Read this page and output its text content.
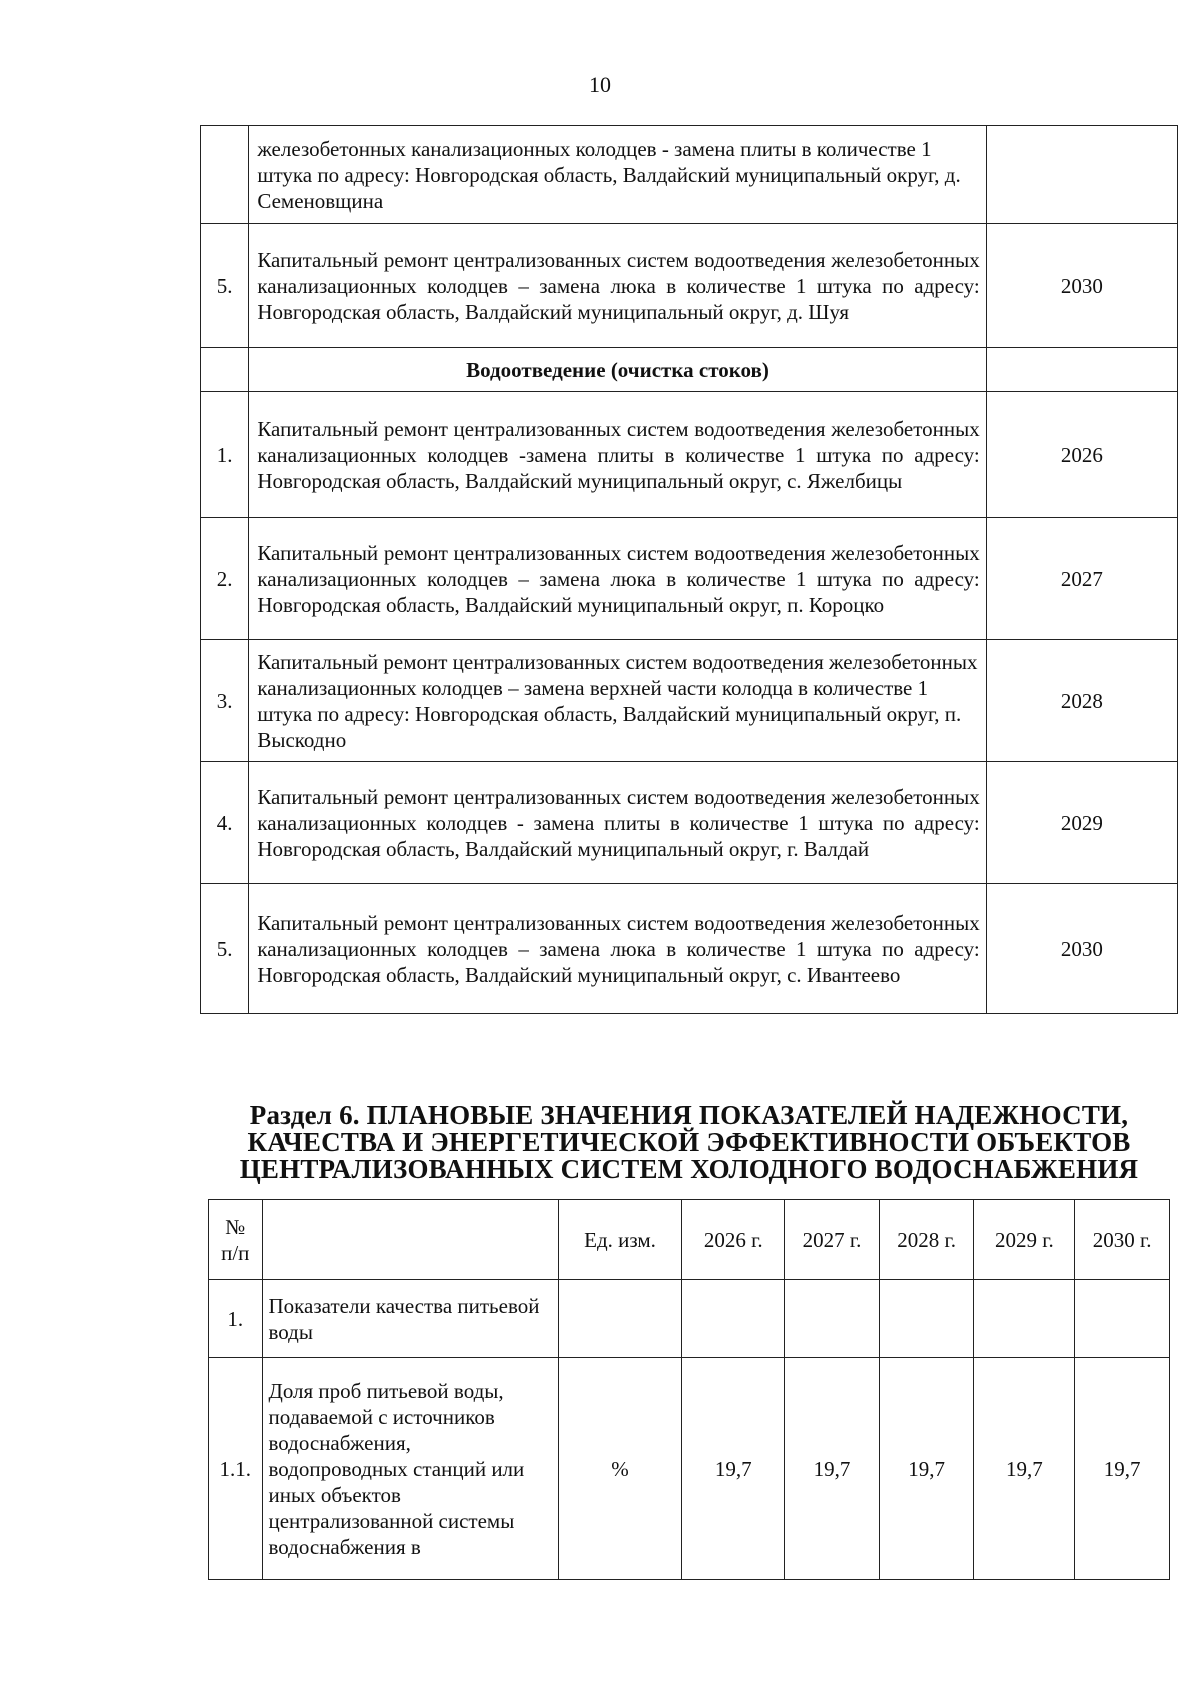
10
	железобетонных канализационных колодцев - замена плиты в количестве 1 штука по адресу: Новгородская область, Валдайский муниципальный округ, д. Семеновщина	
5.	Капитальный ремонт централизованных систем водоотведения железобетонных канализационных колодцев – замена люка в количестве 1 штука по адресу: Новгородская область, Валдайский муниципальный округ, д. Шуя	2030
	Водоотведение (очистка стоков)	
1.	Капитальный ремонт централизованных систем водоотведения железобетонных канализационных колодцев -замена плиты в количестве 1 штука по адресу: Новгородская область, Валдайский муниципальный округ, с. Яжелбицы	2026
2.	Капитальный ремонт централизованных систем водоотведения железобетонных канализационных колодцев – замена люка в количестве 1 штука по адресу: Новгородская область, Валдайский муниципальный округ, п. Короцко	2027
3.	Капитальный ремонт централизованных систем водоотведения железобетонных канализационных колодцев – замена верхней части колодца в количестве 1 штука по адресу: Новгородская область, Валдайский муниципальный округ, п. Выскодно	2028
4.	Капитальный ремонт централизованных систем водоотведения железобетонных канализационных колодцев - замена плиты в количестве 1 штука по адресу: Новгородская область, Валдайский муниципальный округ, г. Валдай	2029
5.	Капитальный ремонт централизованных систем водоотведения железобетонных канализационных колодцев – замена люка в количестве 1 штука по адресу: Новгородская область, Валдайский муниципальный округ, с. Ивантеево	2030
Раздел 6. ПЛАНОВЫЕ ЗНАЧЕНИЯ ПОКАЗАТЕЛЕЙ НАДЕЖНОСТИ,
КАЧЕСТВА И ЭНЕРГЕТИЧЕСКОЙ ЭФФЕКТИВНОСТИ ОБЪЕКТОВ
ЦЕНТРАЛИЗОВАННЫХ СИСТЕМ ХОЛОДНОГО ВОДОСНАБЖЕНИЯ
№
п/п		Ед. изм.	2026 г.	2027 г.	2028 г.	2029 г.	2030 г.
1.	Показатели качества питьевой воды						
1.1.	Доля проб питьевой воды, подаваемой с источников водоснабжения, водопроводных станций или иных объектов централизованной системы водоснабжения в	%	19,7	19,7	19,7	19,7	19,7
